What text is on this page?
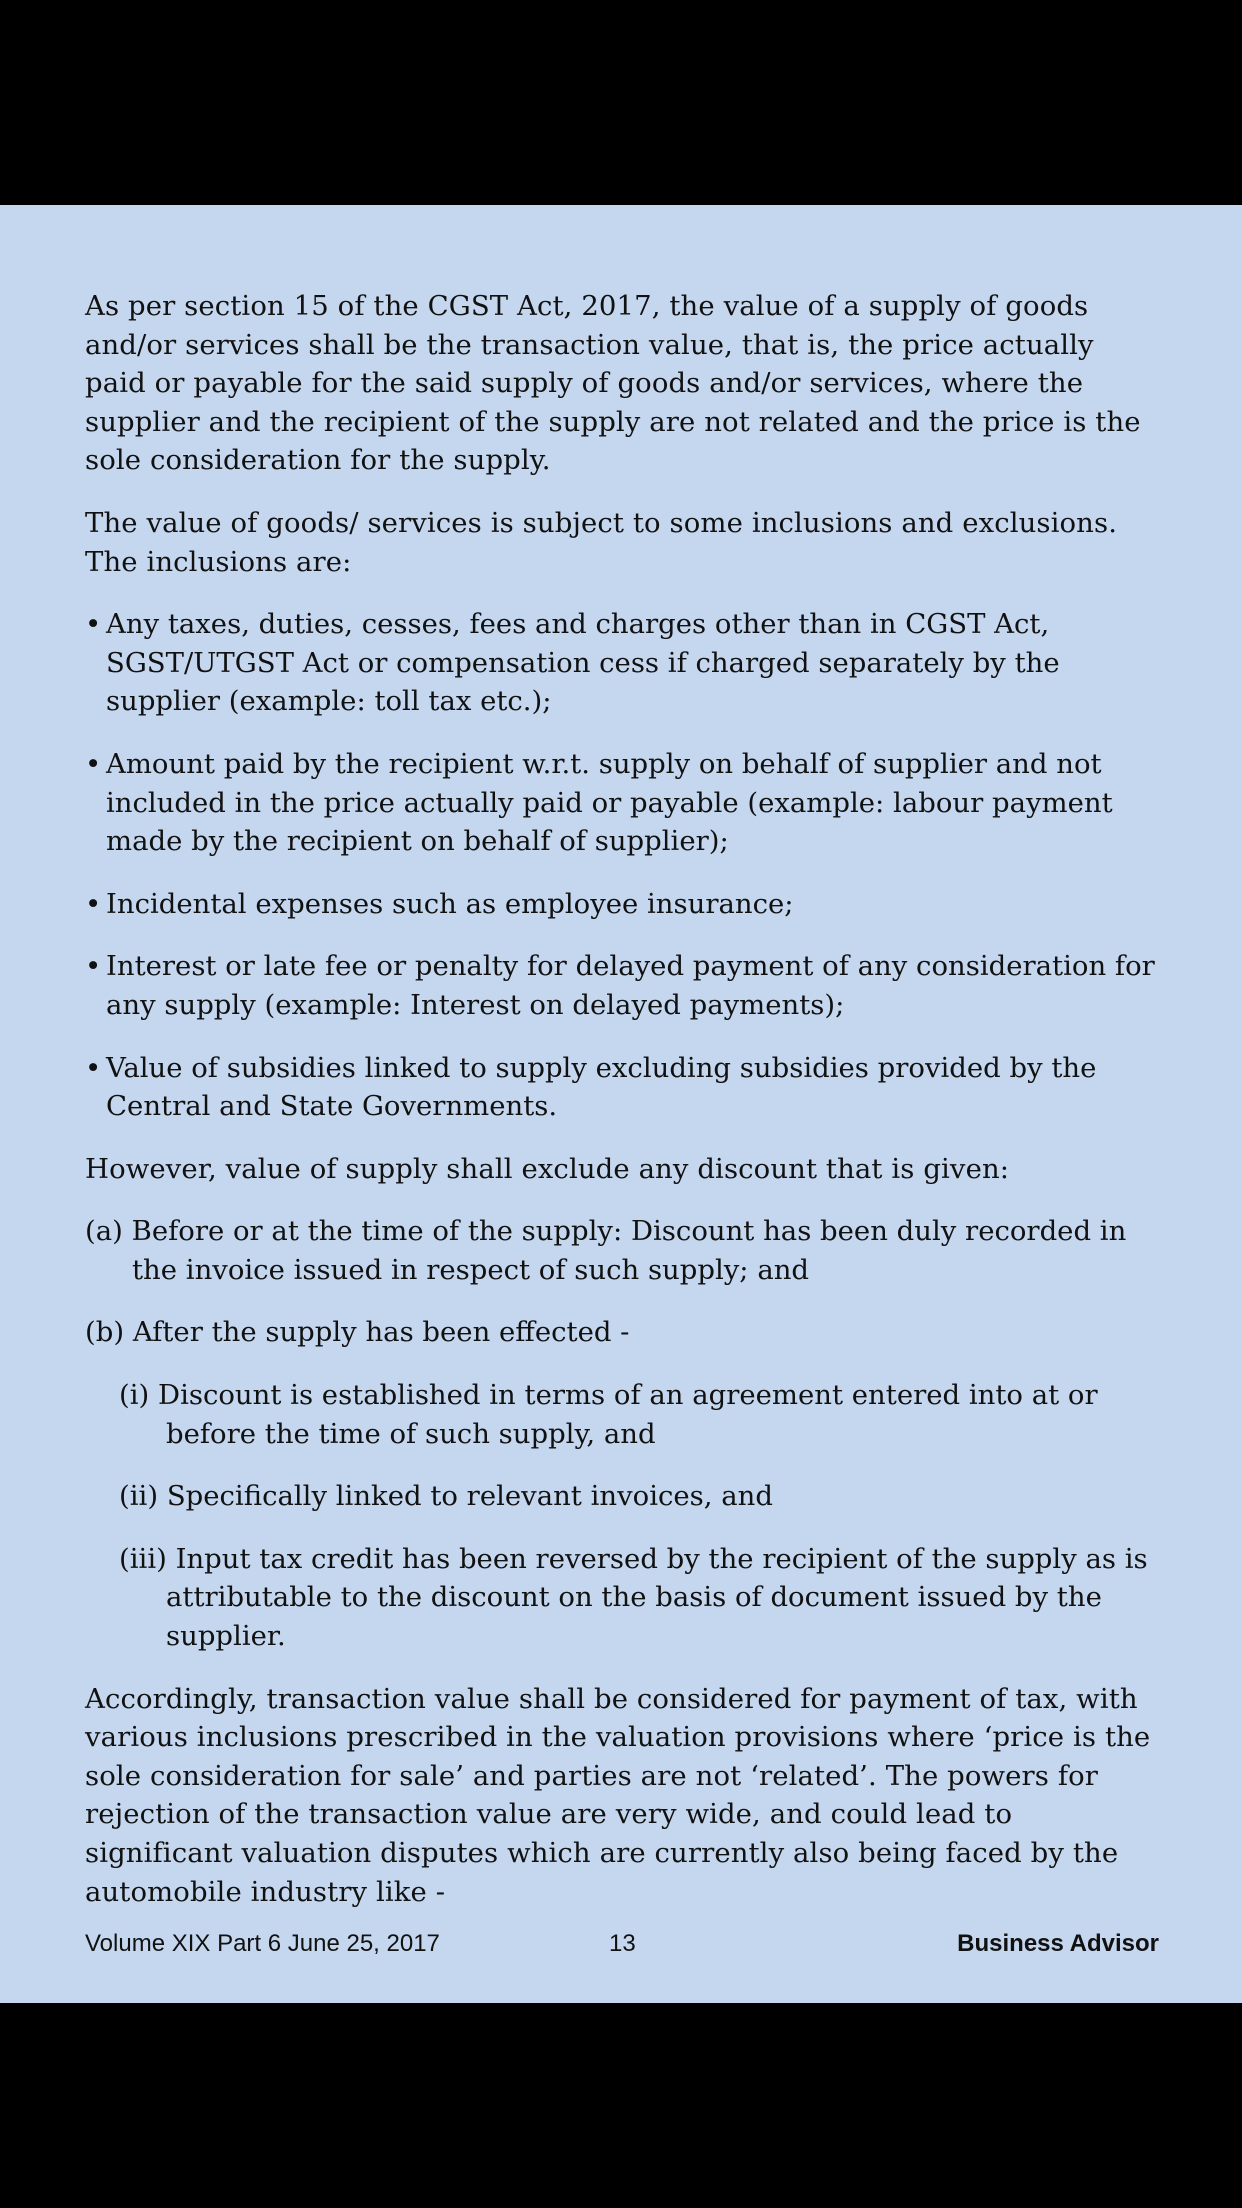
As per section 15 of the CGST Act, 2017, the value of a supply of goods and/or services shall be the transaction value, that is, the price actually paid or payable for the said supply of goods and/or services, where the supplier and the recipient of the supply are not related and the price is the sole consideration for the supply.

The value of goods/ services is subject to some inclusions and exclusions. The inclusions are:

• Any taxes, duties, cesses, fees and charges other than in CGST Act, SGST/UTGST Act or compensation cess if charged separately by the supplier (example: toll tax etc.);
• Amount paid by the recipient w.r.t. supply on behalf of supplier and not included in the price actually paid or payable (example: labour payment made by the recipient on behalf of supplier);
• Incidental expenses such as employee insurance;
• Interest or late fee or penalty for delayed payment of any consideration for any supply (example: Interest on delayed payments);
• Value of subsidies linked to supply excluding subsidies provided by the Central and State Governments.

However, value of supply shall exclude any discount that is given:

(a) Before or at the time of the supply: Discount has been duly recorded in the invoice issued in respect of such supply; and

(b) After the supply has been effected -

(i) Discount is established in terms of an agreement entered into at or before the time of such supply, and

(ii) Specifically linked to relevant invoices, and

(iii) Input tax credit has been reversed by the recipient of the supply as is attributable to the discount on the basis of document issued by the supplier.

Accordingly, transaction value shall be considered for payment of tax, with various inclusions prescribed in the valuation provisions where ‘price is the sole consideration for sale’ and parties are not ‘related’. The powers for rejection of the transaction value are very wide, and could lead to significant valuation disputes which are currently also being faced by the automobile industry like -

Volume XIX Part 6 June 25, 2017	13	Business Advisor
